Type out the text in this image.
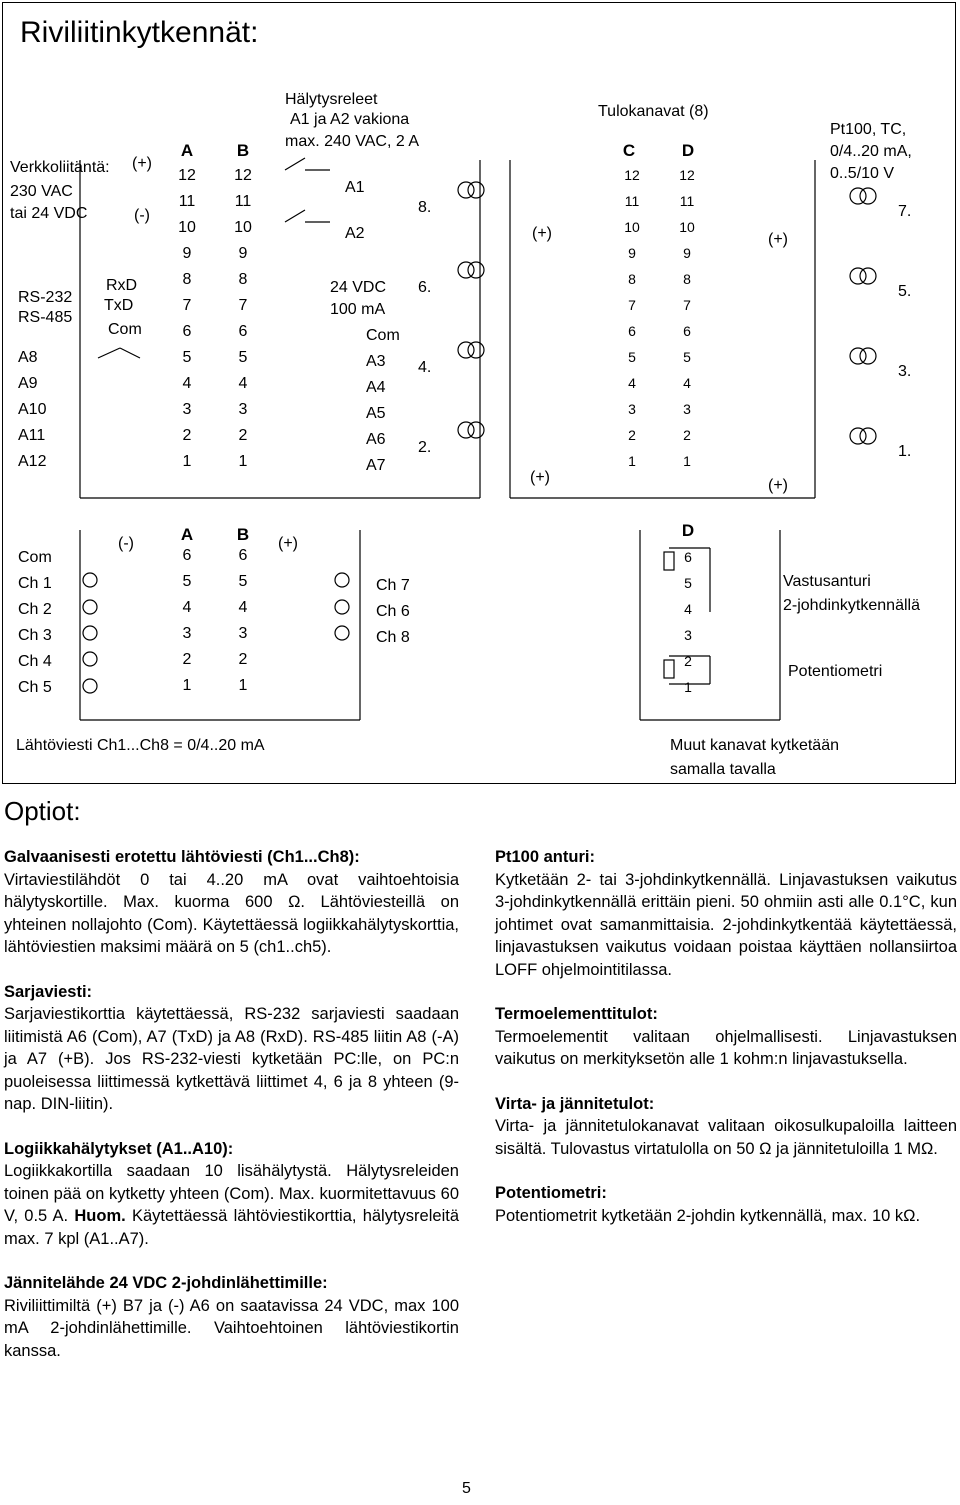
Riviliitinkytkennät:
Verkkoliitäntä:
230 VAC
tai 24 VDC
(+)
(-)
RS-232
RS-485
RxD
TxD
Com
A8
A9
A10
A11
A12
A	B
12 12
11 11
10 10
9	9
8	8
7	7
6	6
5	5
4	4
3	3
2	2
1	1
Hälytysreleet
A1 ja A2 vakiona
max. 240 VAC, 2 A
A1
A2
24 VDC
100 mA
Com
A3
A4
A5
A6
A7
8.
6.
4.
2.
Tulokanavat (8)
C	D
12	12
11	11
10	10
9	9
8	8
7	7
6	6
5	5
4	4
3	3
2	2
1	1
(+)
(+)
(+)
(+)
Pt100, TC,
0/4..20 mA,
0..5/10 V
7.
5.
3.
1.
Com
Ch 1
Ch 2
Ch 3
Ch 4
Ch 5
(-)	(+)
A	B
6	6
5	5
4	4
3	3
2	2
1	1
Ch 7
Ch 6
Ch 8
Lähtöviesti Ch1...Ch8 = 0/4..20 mA
D
6
5
4
3
2
1
Vastusanturi
2-johdinkytkennällä
Potentiometri
Muut kanavat kytketään
samalla tavalla
Optiot:
Galvaanisesti erotettu lähtöviesti (Ch1...Ch8):

Virtaviestilähdöt 0 tai 4..20 mA ovat vaihtoehtoisia hälytyskortille. Max. kuorma 600 Ω. Lähtöviesteillä on yhteinen nollajohto (Com). Käytettäessä logiikkahälytyskorttia, lähtöviestien maksimi määrä on 5 (ch1..ch5).

Sarjaviesti:

Sarjaviestikorttia käytettäessä, RS-232 sarjaviesti saadaan liitimistä A6 (Com), A7 (TxD) ja A8 (RxD). RS-485 liitin A8 (-A) ja A7 (+B). Jos RS-232-viesti kytketään PC:lle, on PC:n puoleisessa liittimessä kytkettävä liittimet 4, 6 ja 8 yhteen (9-nap. DIN-liitin).

Logiikkahälytykset (A1..A10):

Logiikkakortilla saadaan 10 lisähälytystä. Hälytysreleiden toinen pää on kytketty yhteen (Com). Max. kuormitettavuus 60 V, 0.5 A. Huom. Käytettäessä lähtöviestikorttia, hälytysreleitä max. 7 kpl (A1..A7).

Jännitelähde 24 VDC 2-johdinlähettimille:

Riviliittimiltä (+) B7 ja (-) A6 on saatavissa 24 VDC, max 100 mA 2-johdinlähettimille. Vaihtoehtoinen lähtöviestikortin kanssa.

Pt100 anturi:

Kytketään 2- tai 3-johdinkytkennällä. Linjavastuksen vaikutus 3-johdinkytkennällä erittäin pieni. 50 ohmiin asti alle 0.1°C, kun johtimet ovat samanmittaisia. 2-johdinkytkentää käytettäessä, linjavastuksen vaikutus voidaan poistaa käyttäen nollansiirtoa LOFF ohjelmointitilassa.

Termoelementtitulot:

Termoelementit valitaan ohjelmallisesti. Linjavastuksen vaikutus on merkityksetön alle 1 kohm:n linjavastuksella.

Virta- ja jännitetulot:

Virta- ja jännitetulokanavat valitaan oikosulkupaloilla laitteen sisältä. Tulovastus virtatulolla on 50 Ω ja jännitetuloilla 1 MΩ.

Potentiometri:

Potentiometrit kytketään 2-johdin kytkennällä, max. 10 kΩ.

5
